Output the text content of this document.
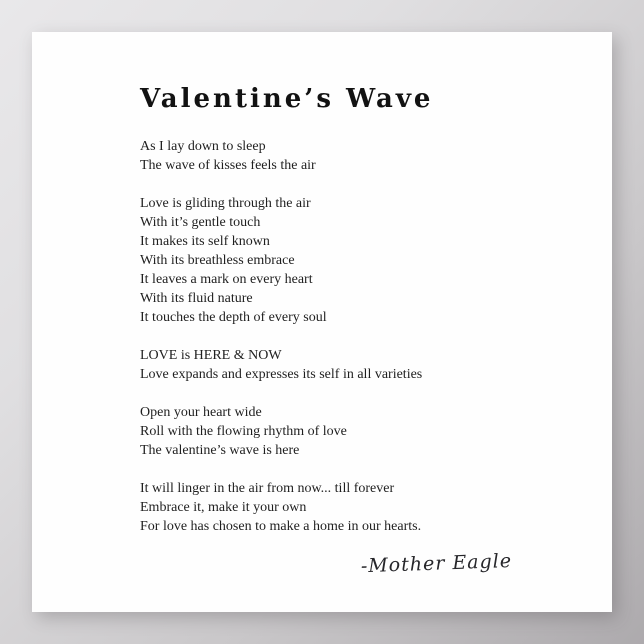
Valentine’s Wave
As I lay down to sleep
The wave of kisses feels the air
Love is gliding through the air
With it’s gentle touch
It makes its self known
With its breathless embrace
It leaves a mark on every heart
With its fluid nature
It touches the depth of every soul
LOVE is HERE & NOW
Love expands and expresses its self in all varieties
Open your heart wide
Roll with the flowing rhythm of love
The valentine’s wave is here
It will linger in the air from now... till forever
Embrace it, make it your own
For love has chosen to make a home in our hearts.
-Mother Eagle
